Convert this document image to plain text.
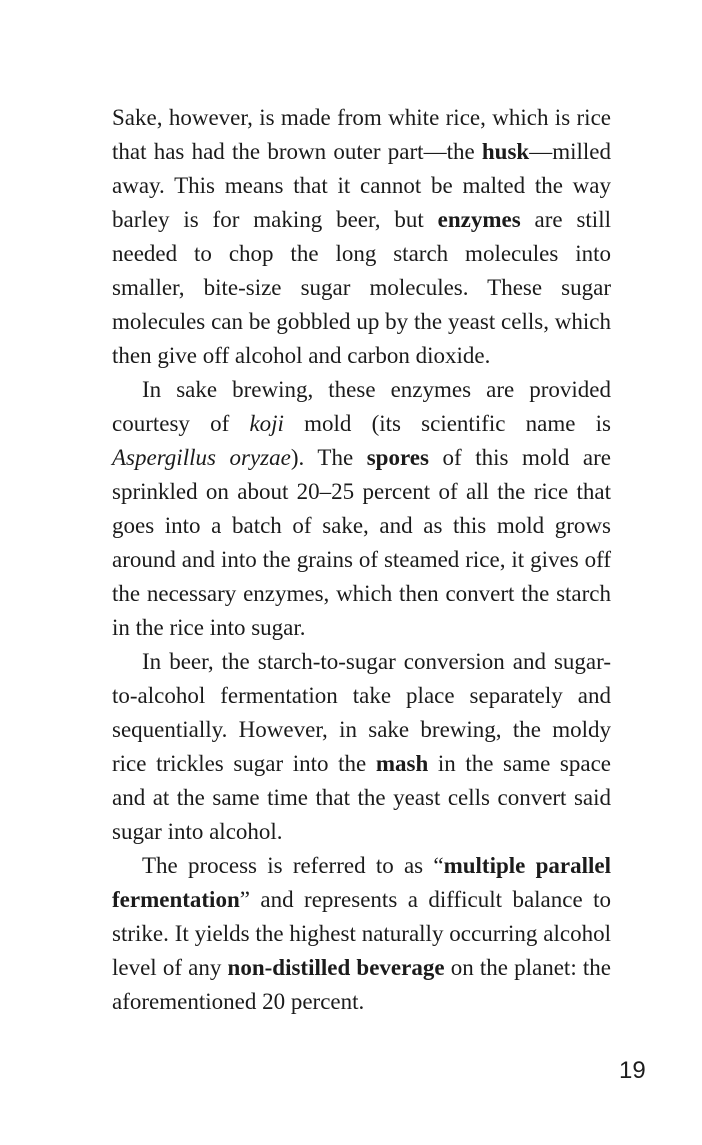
Sake, however, is made from white rice, which is rice that has had the brown outer part—the husk—milled away. This means that it cannot be malted the way barley is for making beer, but enzymes are still needed to chop the long starch molecules into smaller, bite-size sugar molecules. These sugar molecules can be gobbled up by the yeast cells, which then give off alcohol and carbon dioxide.

In sake brewing, these enzymes are provided courtesy of koji mold (its scientific name is Aspergillus oryzae). The spores of this mold are sprinkled on about 20–25 percent of all the rice that goes into a batch of sake, and as this mold grows around and into the grains of steamed rice, it gives off the necessary enzymes, which then convert the starch in the rice into sugar.

In beer, the starch-to-sugar conversion and sugar-to-alcohol fermentation take place separately and sequentially. However, in sake brewing, the moldy rice trickles sugar into the mash in the same space and at the same time that the yeast cells convert said sugar into alcohol.

The process is referred to as “multiple parallel fermentation” and represents a difficult balance to strike. It yields the highest naturally occurring alcohol level of any non-distilled beverage on the planet: the aforementioned 20 percent.

19
